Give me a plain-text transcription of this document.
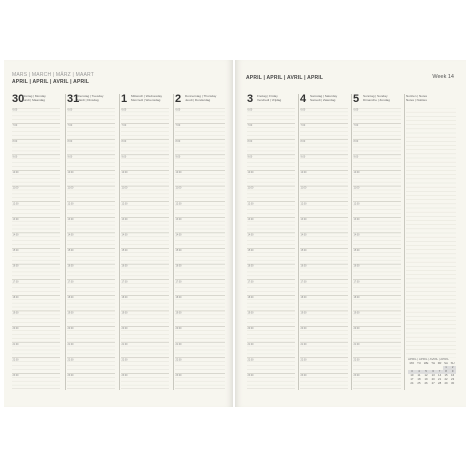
MARS | MARCH | MÄRZ | MAART
APRIL | APRIL | AVRIL | APRIL
30
Montag | Monday
Lundi | Maandag
6:00
7:00
8:00
9:00
10:00
11:00
12:00
13:00
14:00
15:00
16:00
17:00
18:00
19:00
20:00
21:00
22:00
23:00
31
Dienstag | Tuesday
Mardi | Dinsdag
6:00
7:00
8:00
9:00
10:00
11:00
12:00
13:00
14:00
15:00
16:00
17:00
18:00
19:00
20:00
21:00
22:00
23:00
1 Mittwoch | Wednesday
Mercredi | Woensdag
6:00
7:00
8:00
9:00
10:00
11:00
12:00
13:00
14:00
15:00
16:00
17:00
18:00
19:00
20:00
21:00
22:00
23:00
2 Donnerstag | Thursday
Jeudi | Donderdag
6:00
7:00
8:00
9:00
10:00
11:00
12:00
13:00
14:00
15:00
16:00
17:00
18:00
19:00
20:00
21:00
22:00
23:00
APRIL | APRIL | AVRIL | APRIL	Week 14
3 Freitag | Friday
Vendredi | Vrijdag
6:00
7:00
8:00
9:00
10:00
11:00
12:00
13:00
14:00
15:00
16:00
17:00
18:00
19:00
20:00
21:00
22:00
23:00
4 Samstag | Saturday
Samedi | Zaterdag
6:00
7:00
8:00
9:00
10:00
11:00
12:00
13:00
14:00
15:00
16:00
17:00
18:00
19:00
20:00
21:00
22:00
23:00
5 Sonntag | Sunday
Dimanche | Zondag
6:00
7:00
8:00
9:00
10:00
11:00
12:00
13:00
14:00
15:00
16:00
17:00
18:00
19:00
20:00
21:00
22:00
23:00
Notizen | Notes
Notes | Notities
APRIL | APRIL | AVRIL | APRIL
MO	TU	WE	TH	FR	SA	SU
					1	2
3	4	5	6	7	8	9
10	11	12	13	14	15	16
17	18	19	20	21	22	23
24	25	26	27	28	29	30
